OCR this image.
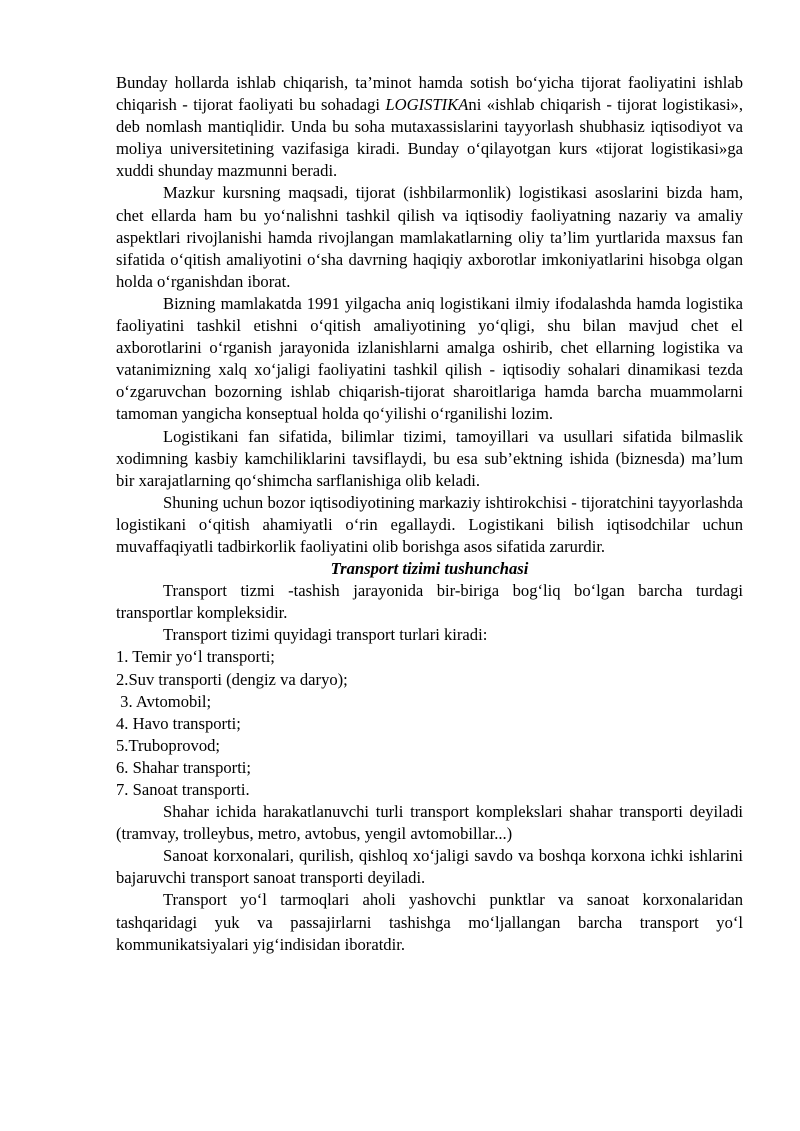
Bunday hollarda ishlab chiqarish, ta’minot hamda sotish bo‘yicha tijorat faoliyatini ishlab chiqarish - tijorat faoliyati bu sohadagi LOGISTIKAni «ishlab chiqarish - tijorat logistikasi», deb nomlash mantiqlidir. Unda bu soha mutaxassislarini tayyorlash shubhasiz iqtisodiyot va moliya universitetining vazifasiga kiradi. Bunday o‘qilayotgan kurs «tijorat logistikasi»ga xuddi shunday mazmunni beradi.

Mazkur kursning maqsadi, tijorat (ishbilarmonlik) logistikasi asoslarini bizda ham, chet ellarda ham bu yo‘nalishni tashkil qilish va iqtisodiy faoliyatning nazariy va amaliy aspektlari rivojlanishi hamda rivojlangan mamlakatlarning oliy ta’lim yurtlarida maxsus fan sifatida o‘qitish amaliyotini o‘sha davrning haqiqiy axborotlar imkoniyatlarini hisobga olgan holda o‘rganishdan iborat.

Bizning mamlakatda 1991 yilgacha aniq logistikani ilmiy ifodalashda hamda logistika faoliyatini tashkil etishni o‘qitish amaliyotining yo‘qligi, shu bilan mavjud chet el axborotlarini o‘rganish jarayonida izlanishlarni amalga oshirib, chet ellarning logistika va vatanimizning xalq xo‘jaligi faoliyatini tashkil qilish - iqtisodiy sohalari dinamikasi tezda o‘zgaruvchan bozorning ishlab chiqarish-tijorat sharoitlariga hamda barcha muammolarni tamoman yangicha konseptual holda qo‘yilishi o‘rganilishi lozim.

Logistikani fan sifatida, bilimlar tizimi, tamoyillari va usullari sifatida bilmaslik xodimning kasbiy kamchiliklarini tavsiflaydi, bu esa sub’ektning ishida (biznesda) ma’lum bir xarajatlarning qo‘shimcha sarflanishiga olib keladi.

Shuning uchun bozor iqtisodiyotining markaziy ishtirokchisi - tijoratchini tayyorlashda logistikani o‘qitish ahamiyatli o‘rin egallaydi. Logistikani bilish iqtisodchilar uchun muvaffaqiyatli tadbirkorlik faoliyatini olib borishga asos sifatida zarurdir.

Transport tizimi tushunchasi

Transport tizmi -tashish jarayonida bir-biriga bog‘liq bo‘lgan barcha turdagi transportlar kompleksidir.

Transport tizimi quyidagi transport turlari kiradi:

1. Temir yo‘l transporti;

2.Suv transporti (dengiz va daryo);

3. Avtomobil;

4. Havo transporti;

5.Truboprovod;

6. Shahar transporti;

7. Sanoat transporti.

Shahar ichida harakatlanuvchi turli transport komplekslari shahar transporti deyiladi (tramvay, trolleybus, metro, avtobus, yengil avtomobillar...)

Sanoat korxonalari, qurilish, qishloq xo‘jaligi savdo va boshqa korxona ichki ishlarini bajaruvchi transport sanoat transporti deyiladi.

Transport yo‘l tarmoqlari aholi yashovchi punktlar va sanoat korxonalaridan tashqaridagi yuk va passajirlarni tashishga mo‘ljallangan barcha transport yo‘l kommunikatsiyalari yig‘indisidan iboratdir.
